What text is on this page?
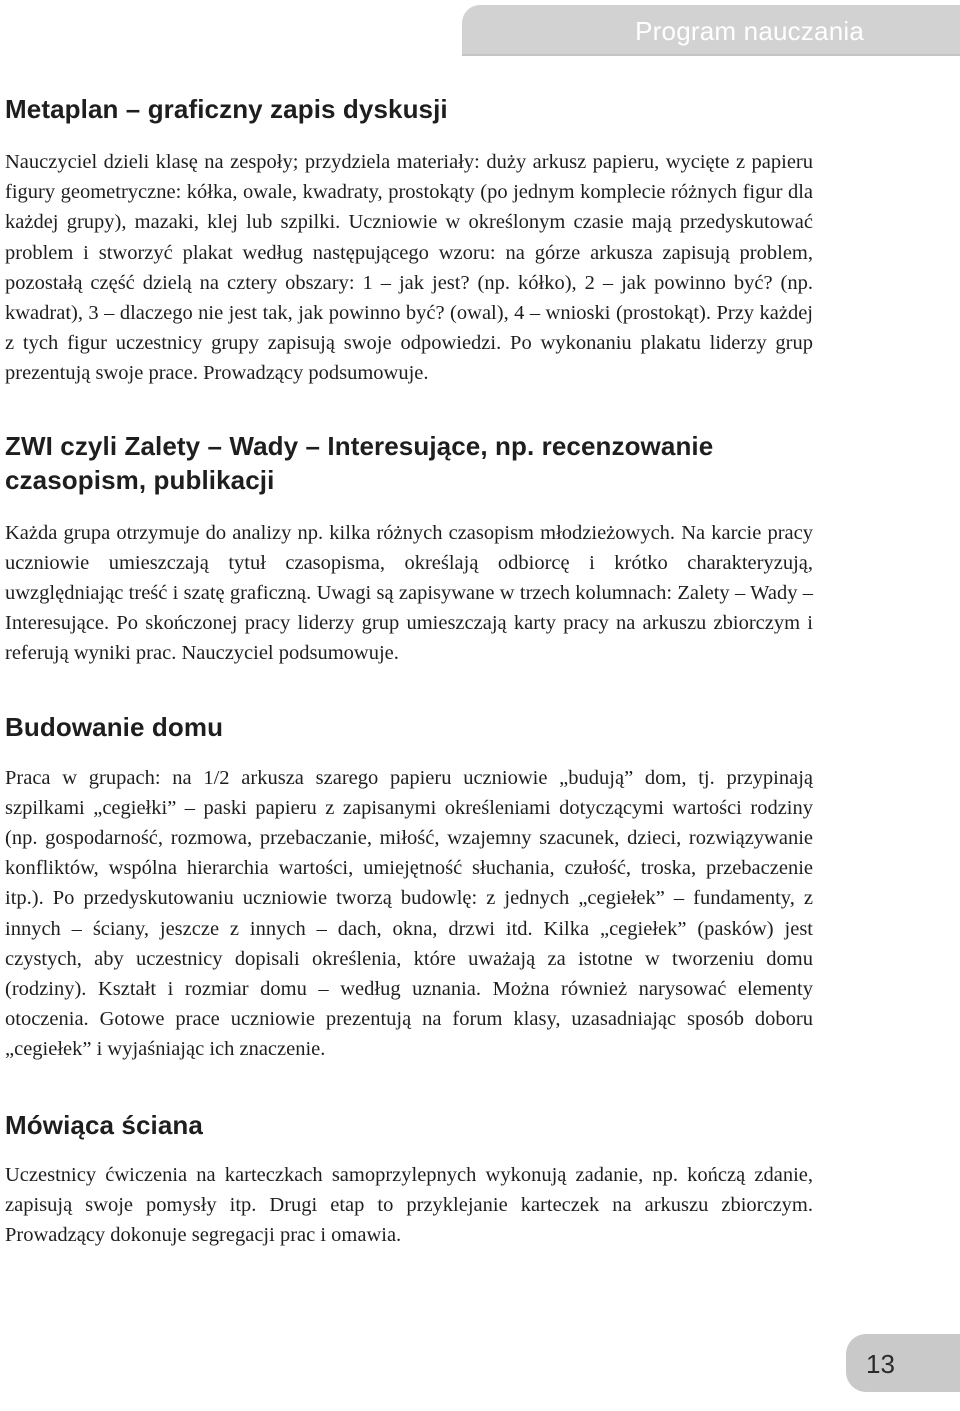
Program nauczania
Metaplan – graficzny zapis dyskusji

Nauczyciel dzieli klasę na zespoły; przydziela materiały: duży arkusz papieru, wycięte z papieru figury geometryczne: kółka, owale, kwadraty, prostokąty (po jednym komplecie różnych figur dla każdej grupy), mazaki, klej lub szpilki. Uczniowie w określonym czasie mają przedyskutować problem i stworzyć plakat według następującego wzoru: na górze arkusza zapisują problem, pozostałą część dzielą na cztery obszary: 1 – jak jest? (np. kółko), 2 – jak powinno być? (np. kwadrat), 3 – dlaczego nie jest tak, jak powinno być? (owal), 4 – wnioski (prostokąt). Przy każdej z tych figur uczestnicy grupy zapisują swoje odpowiedzi. Po wykonaniu plakatu liderzy grup prezentują swoje prace. Prowadzący podsumowuje.

ZWI czyli Zalety – Wady – Interesujące, np. recenzowanie czasopism, publikacji

Każda grupa otrzymuje do analizy np. kilka różnych czasopism młodzieżowych. Na karcie pracy uczniowie umieszczają tytuł czasopisma, określają odbiorcę i krótko charakteryzują, uwzględniając treść i szatę graficzną. Uwagi są zapisywane w trzech kolumnach: Zalety – Wady – Interesujące. Po skończonej pracy liderzy grup umieszczają karty pracy na arkuszu zbiorczym i referują wyniki prac. Nauczyciel podsumowuje.

Budowanie domu

Praca w grupach: na 1/2 arkusza szarego papieru uczniowie „budują” dom, tj. przypinają szpilkami „cegiełki” – paski papieru z zapisanymi określeniami dotyczącymi wartości rodziny (np. gospodarność, rozmowa, przebaczanie, miłość, wzajemny szacunek, dzieci, rozwiązywanie konfliktów, wspólna hierarchia wartości, umiejętność słuchania, czułość, troska, przebaczenie itp.). Po przedyskutowaniu uczniowie tworzą budowlę: z jednych „cegiełek” – fundamenty, z innych – ściany, jeszcze z innych – dach, okna, drzwi itd. Kilka „cegiełek” (pasków) jest czystych, aby uczestnicy dopisali określenia, które uważają za istotne w tworzeniu domu (rodziny). Kształt i rozmiar domu – według uznania. Można również narysować elementy otoczenia. Gotowe prace uczniowie prezentują na forum klasy, uzasadniając sposób doboru „cegiełek” i wyjaśniając ich znaczenie.

Mówiąca ściana

Uczestnicy ćwiczenia na karteczkach samoprzylepnych wykonują zadanie, np. kończą zdanie, zapisują swoje pomysły itp. Drugi etap to przyklejanie karteczek na arkuszu zbiorczym. Prowadzący dokonuje segregacji prac i omawia.

13
